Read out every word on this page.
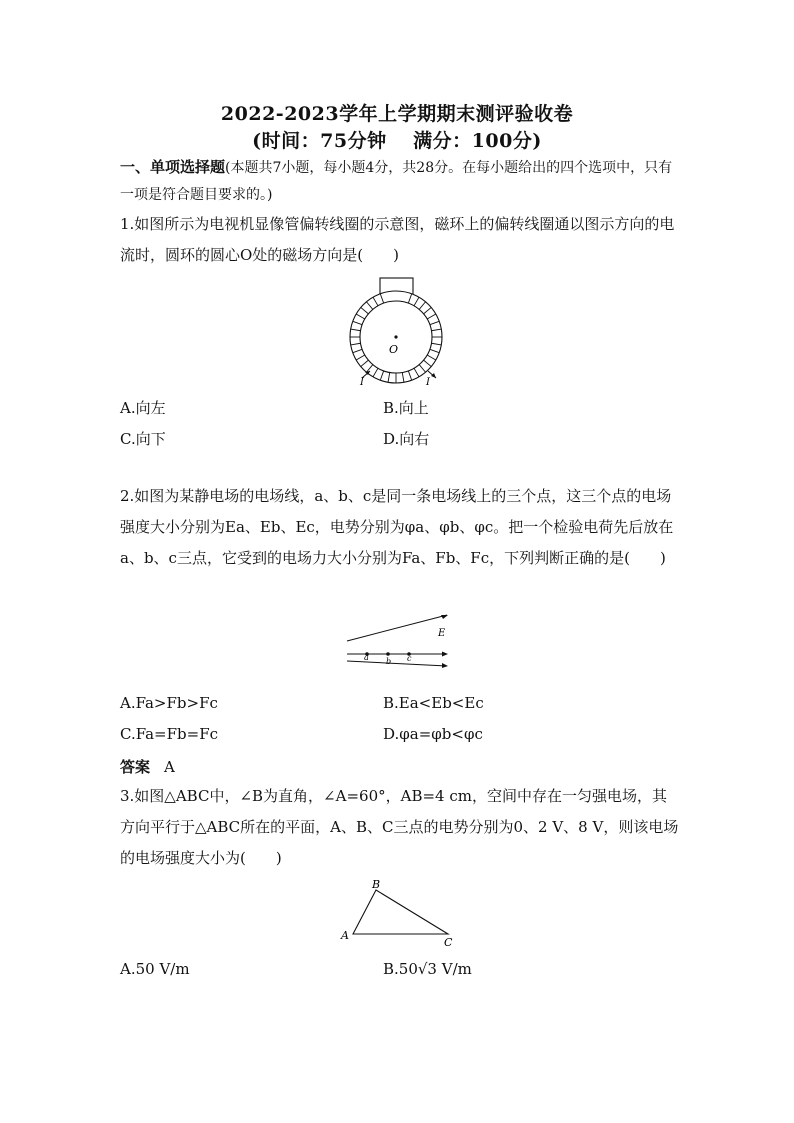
2022-2023学年上学期期末测评验收卷
(时间：75分钟　 满分：100分)
一、单项选择题(本题共7小题，每小题4分，共28分。在每小题给出的四个选项中，只有一项是符合题目要求的。)
1.如图所示为电视机显像管偏转线圈的示意图，磁环上的偏转线圈通以图示方向的电流时，圆环的圆心O处的磁场方向是(　　)
O
I	I
A.向左	B.向上
C.向下	D.向右
2.如图为某静电场的电场线，a、b、c是同一条电场线上的三个点，这三个点的电场强度大小分别为Ea、Eb、Ec，电势分别为φa、φb、φc。把一个检验电荷先后放在a、b、c三点，它受到的电场力大小分别为Fa、Fb、Fc，下列判断正确的是(　　)
E
a b c
A.Fa>Fb>Fc	B.Ea<Eb<Ec
C.Fa=Fb=Fc	D.φa=φb<φc
答案 A
3.如图△ABC中，∠B为直角，∠A=60°，AB=4 cm，空间中存在一匀强电场，其方向平行于△ABC所在的平面，A、B、C三点的电势分别为0、2 V、8 V，则该电场的电场强度大小为(　　)
A
B
C
A.50 V/m	B.50√3 V/m
